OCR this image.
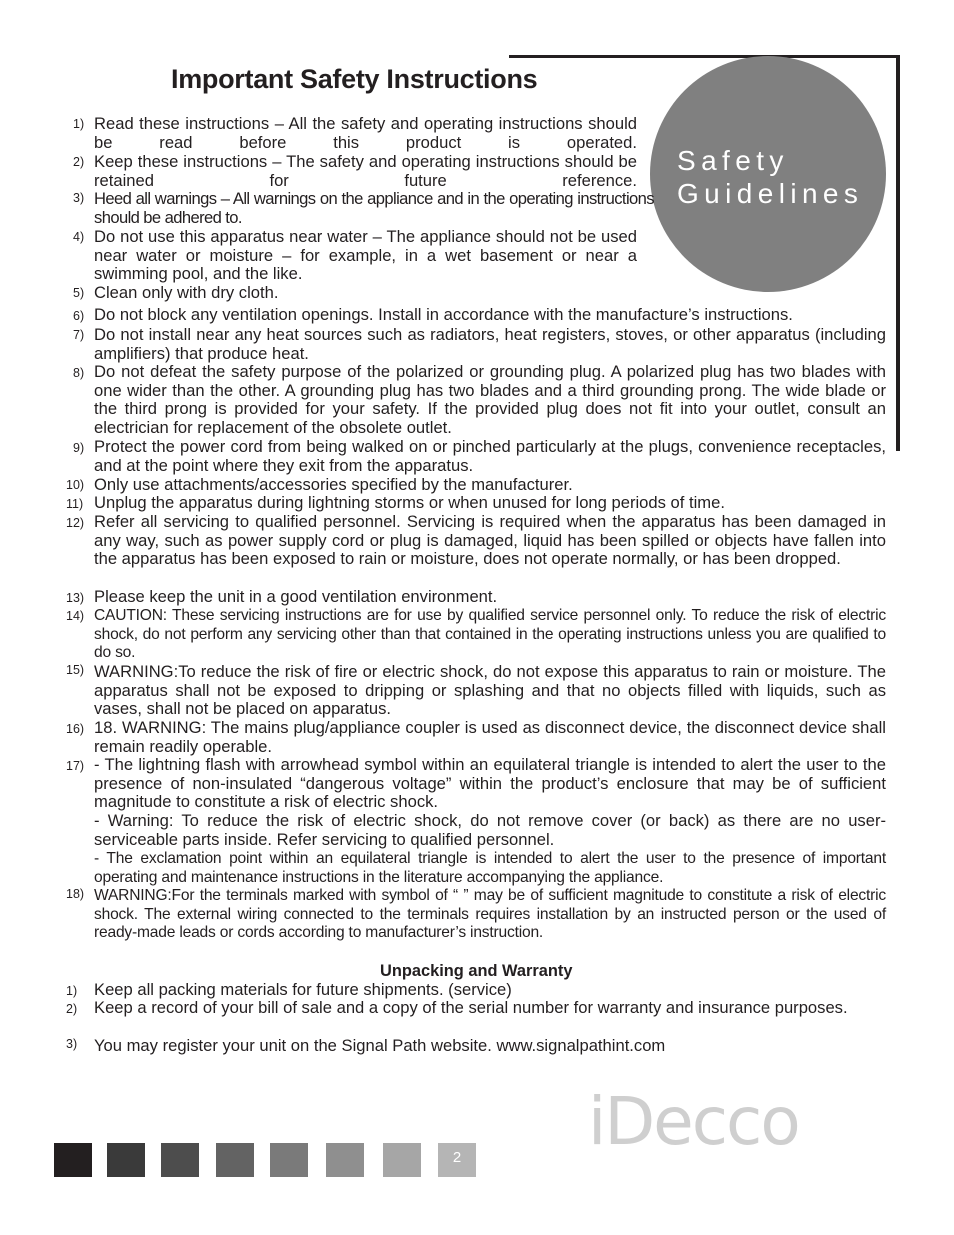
Important Safety Instructions
Safety
Guidelines
1) Read these instructions – All the safety and operating instructions should be read before this product is operated.
2) Keep these instructions – The safety and operating instructions should be retained for future reference.
3) Heed all warnings – All warnings on the appliance and in the operating instructions should be adhered to.
4) Do not use this apparatus near water – The appliance should not be used near water or moisture – for example, in a wet basement or near a swimming pool, and the like.
5) Clean only with dry cloth.
6) Do not block any ventilation openings. Install in accordance with the manufacture’s instructions.
7) Do not install near any heat sources such as radiators, heat registers, stoves, or other apparatus (including amplifiers) that produce heat.
8) Do not defeat the safety purpose of the polarized or grounding plug. A polarized plug has two blades with one wider than the other. A grounding plug has two blades and a third grounding prong. The wide blade or the third prong is provided for your safety. If the provided plug does not fit into your outlet, consult an electrician for replacement of the obsolete outlet.
9) Protect the power cord from being walked on or pinched particularly at the plugs, convenience receptacles, and at the point where they exit from the apparatus.
10) Only use attachments/accessories specified by the manufacturer.
11) Unplug the apparatus during lightning storms or when unused for long periods of time.
12) Refer all servicing to qualified personnel. Servicing is required when the apparatus has been damaged in any way, such as power supply cord or plug is damaged, liquid has been spilled or objects have fallen into the apparatus has been exposed to rain or moisture, does not operate normally, or has been dropped.
13) Please keep the unit in a good ventilation environment.
14) CAUTION: These servicing instructions are for use by qualified service personnel only. To reduce the risk of electric shock, do not perform any servicing other than that contained in the operating instructions unless you are qualified to do so.
15) WARNING:To reduce the risk of fire or electric shock, do not expose this apparatus to rain or moisture. The apparatus shall not be exposed to dripping or splashing and that no objects filled with liquids, such as vases, shall not be placed on apparatus.
16) 18. WARNING: The mains plug/appliance coupler is used as disconnect device, the disconnect device shall remain readily operable.
17) - The lightning flash with arrowhead symbol within an equilateral triangle is intended to alert the user to the presence of non-insulated “dangerous voltage” within the product’s enclosure that may be of sufficient magnitude to constitute a risk of electric shock.
- Warning: To reduce the risk of electric shock, do not remove cover (or back) as there are no user-serviceable parts inside. Refer servicing to qualified personnel.
- The exclamation point within an equilateral triangle is intended to alert the user to the presence of important operating and maintenance instructions in the literature accompanying the appliance.
18) WARNING:For the terminals marked with symbol of “ ” may be of sufficient magnitude to constitute a risk of electric shock. The external wiring connected to the terminals requires installation by an instructed person or the used of ready-made leads or cords according to manufacturer’s instruction.
Unpacking and Warranty
1) Keep all packing materials for future shipments. (service)
2) Keep a record of your bill of sale and a copy of the serial number for warranty and insurance purposes.
3) You may register your unit on the Signal Path website. www.signalpathint.com
iDecco
2
